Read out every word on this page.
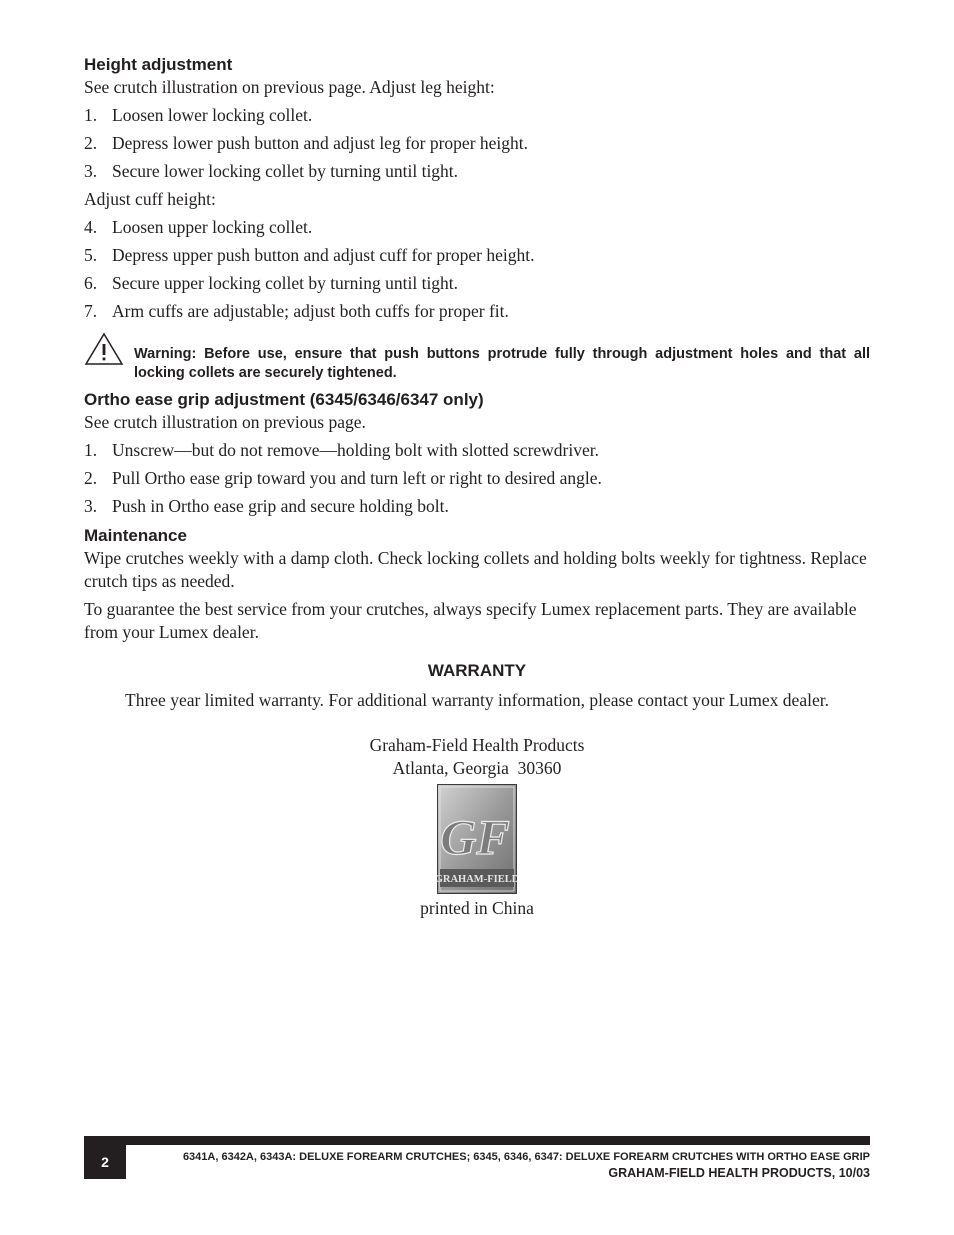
Height adjustment

See crutch illustration on previous page. Adjust leg height:

1. Loosen lower locking collet.
2. Depress lower push button and adjust leg for proper height.
3. Secure lower locking collet by turning until tight.

Adjust cuff height:

4. Loosen upper locking collet.
5. Depress upper push button and adjust cuff for proper height.
6. Secure upper locking collet by turning until tight.
7. Arm cuffs are adjustable; adjust both cuffs for proper fit.
Warning: Before use, ensure that push buttons protrude fully through adjustment holes and that all locking collets are securely tightened.
Ortho ease grip adjustment (6345/6346/6347 only)

See crutch illustration on previous page.

1. Unscrew—but do not remove—holding bolt with slotted screwdriver.
2. Pull Ortho ease grip toward you and turn left or right to desired angle.
3. Push in Ortho ease grip and secure holding bolt.
Maintenance

Wipe crutches weekly with a damp cloth. Check locking collets and holding bolts weekly for tightness. Replace crutch tips as needed.

To guarantee the best service from your crutches, always specify Lumex replacement parts. They are available from your Lumex dealer.

WARRANTY

Three year limited warranty. For additional warranty information, please contact your Lumex dealer.

Graham-Field Health Products

Atlanta, Georgia  30360

GF
GRAHAM-FIELD

printed in China

2	6341A, 6342A, 6343A: DELUXE FOREARM CRUTCHES; 6345, 6346, 6347: DELUXE FOREARM CRUTCHES WITH ORTHO EASE GRIP
GRAHAM-FIELD HEALTH PRODUCTS, 10/03
